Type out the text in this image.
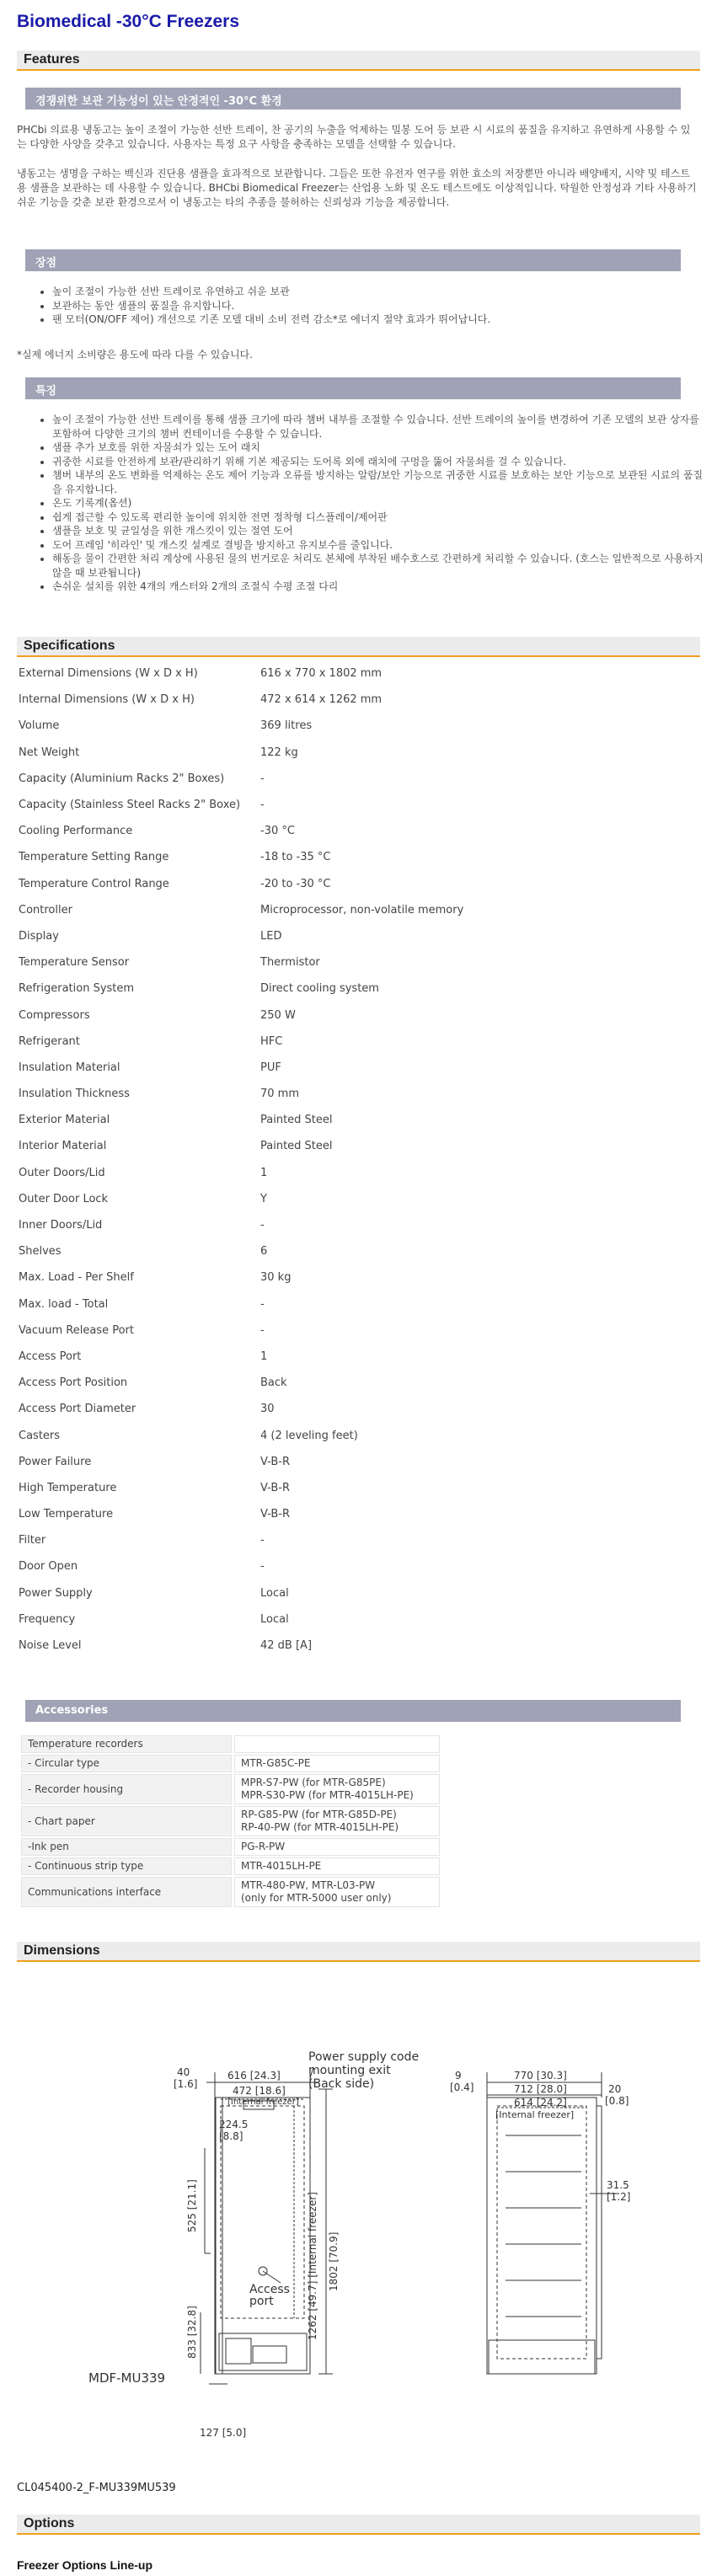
Biomedical -30°C Freezers
Features
경쟁위한 보관 기능성이 있는 안정적인 -30°C 환경

PHCbi 의료용 냉동고는 높이 조절이 가능한 선반 트레이, 찬 공기의 누출을 억제하는 밀봉 도어 등 보관 시 시료의 품질을 유지하고 유연하게 사용할 수 있는 다양한 사양을 갖추고 있습니다. 사용자는 특정 요구 사항을 충족하는 모델을 선택할 수 있습니다.

냉동고는 생명을 구하는 백신과 진단용 샘플을 효과적으로 보관합니다. 그들은 또한 유전자 연구를 위한 효소의 저장뿐만 아니라 배양배지, 시약 및 테스트용 샘플을 보관하는 데 사용할 수 있습니다. BHCbi Biomedical Freezer는 산업용 노화 및 온도 테스트에도 이상적입니다. 탁월한 안정성과 기타 사용하기 쉬운 기능을 갖춘 보관 환경으로서 이 냉동고는 타의 추종을 불허하는 신뢰성과 기능을 제공합니다.

장점
• 높이 조절이 가능한 선반 트레이로 유연하고 쉬운 보관
• 보관하는 동안 샘플의 품질을 유지합니다.
• 팬 모터(ON/OFF 제어) 개선으로 기존 모델 대비 소비 전력 감소*로 에너지 절약 효과가 뛰어납니다.

*실제 에너지 소비량은 용도에 따라 다를 수 있습니다.

특징
• 높이 조절이 가능한 선반 트레이를 통해 샘플 크기에 따라 챔버 내부를 조절할 수 있습니다. 선반 트레이의 높이를 변경하여 기존 모델의 보관 상자를 포함하여 다양한 크기의 챔버 컨테이너를 수용할 수 있습니다.
• 샘플 추가 보호를 위한 자물쇠가 있는 도어 래치
• 귀중한 시료를 안전하게 보관/관리하기 위해 기본 제공되는 도어록 외에 래치에 구멍을 뚫어 자물쇠를 걸 수 있습니다.
• 챔버 내부의 온도 변화를 억제하는 온도 제어 기능과 오류를 방지하는 알람/보안 기능으로 귀중한 시료를 보호하는 보안 기능으로 보관된 시료의 품질을 유지합니다.
• 온도 기록계(옵션)
• 쉽게 접근할 수 있도록 편리한 높이에 위치한 전면 정착형 디스플레이/제어판
• 샘플을 보호 및 균일성을 위한 개스킷이 있는 절연 도어
• 도어 프레임 '히라인' 및 개스킷 설계로 결빙을 방지하고 유지보수를 줄입니다.
• 해동을 물이 간편한 처리 계상에 사용된 물의 번거로운 처리도 본체에 부착된 배수호스로 간편하게 처리할 수 있습니다. (호스는 일반적으로 사용하지 않을 때 보관됩니다)
• 손쉬운 설치를 위한 4개의 캐스터와 2개의 조절식 수평 조절 다리
Specifications
External Dimensions (W x D x H)	616 x 770 x 1802 mm
Internal Dimensions (W x D x H)	472 x 614 x 1262 mm
Volume	369 litres
Net Weight	122 kg
Capacity (Aluminium Racks 2" Boxes)	-
Capacity (Stainless Steel Racks 2" Boxe)	-
Cooling Performance	-30 °C
Temperature Setting Range	-18 to -35 °C
Temperature Control Range	-20 to -30 °C
Controller	Microprocessor, non-volatile memory
Display	LED
Temperature Sensor	Thermistor
Refrigeration System	Direct cooling system
Compressors	250 W
Refrigerant	HFC
Insulation Material	PUF
Insulation Thickness	70 mm
Exterior Material	Painted Steel
Interior Material	Painted Steel
Outer Doors/Lid	1
Outer Door Lock	Y
Inner Doors/Lid	-
Shelves	6
Max. Load - Per Shelf	30 kg
Max. load - Total	-
Vacuum Release Port	-
Access Port	1
Access Port Position	Back
Access Port Diameter	30
Casters	4 (2 leveling feet)
Power Failure	V-B-R
High Temperature	V-B-R
Low Temperature	V-B-R
Filter	-
Door Open	-
Power Supply	Local
Frequency	Local
Noise Level	42 dB [A]
Accessories
Temperature recorders	
- Circular type	MTR-G85C-PE
- Recorder housing	MPR-S7-PW (for MTR-G85PE)
MPR-S30-PW (for MTR-4015LH-PE)
- Chart paper	RP-G85-PW (for MTR-G85D-PE)
RP-40-PW (for MTR-4015LH-PE)
-Ink pen	PG-R-PW
- Continuous strip type	MTR-4015LH-PE
Communications interface	MTR-480-PW, MTR-L03-PW
(only for MTR-5000 user only)
Dimensions
40
[1.6]
616 [24.3]
472 [18.6]
[Internal freezer]
224.5
[8.8]
Power supply code
mounting exit
(Back side)
525 [21.1]	1262 [49.7] [Internal freezer] 1802 [70.9]
Access
port
833 [32.8]
MDF-MU339
127 [5.0]
9
[0.4]
770 [30.3]
712 [28.0]	20
[0.8]
614 [24.2]
[Internal freezer]
31.5
[1.2]
CL045400-2_F-MU339MU539
Options
Freezer Options Line-up
